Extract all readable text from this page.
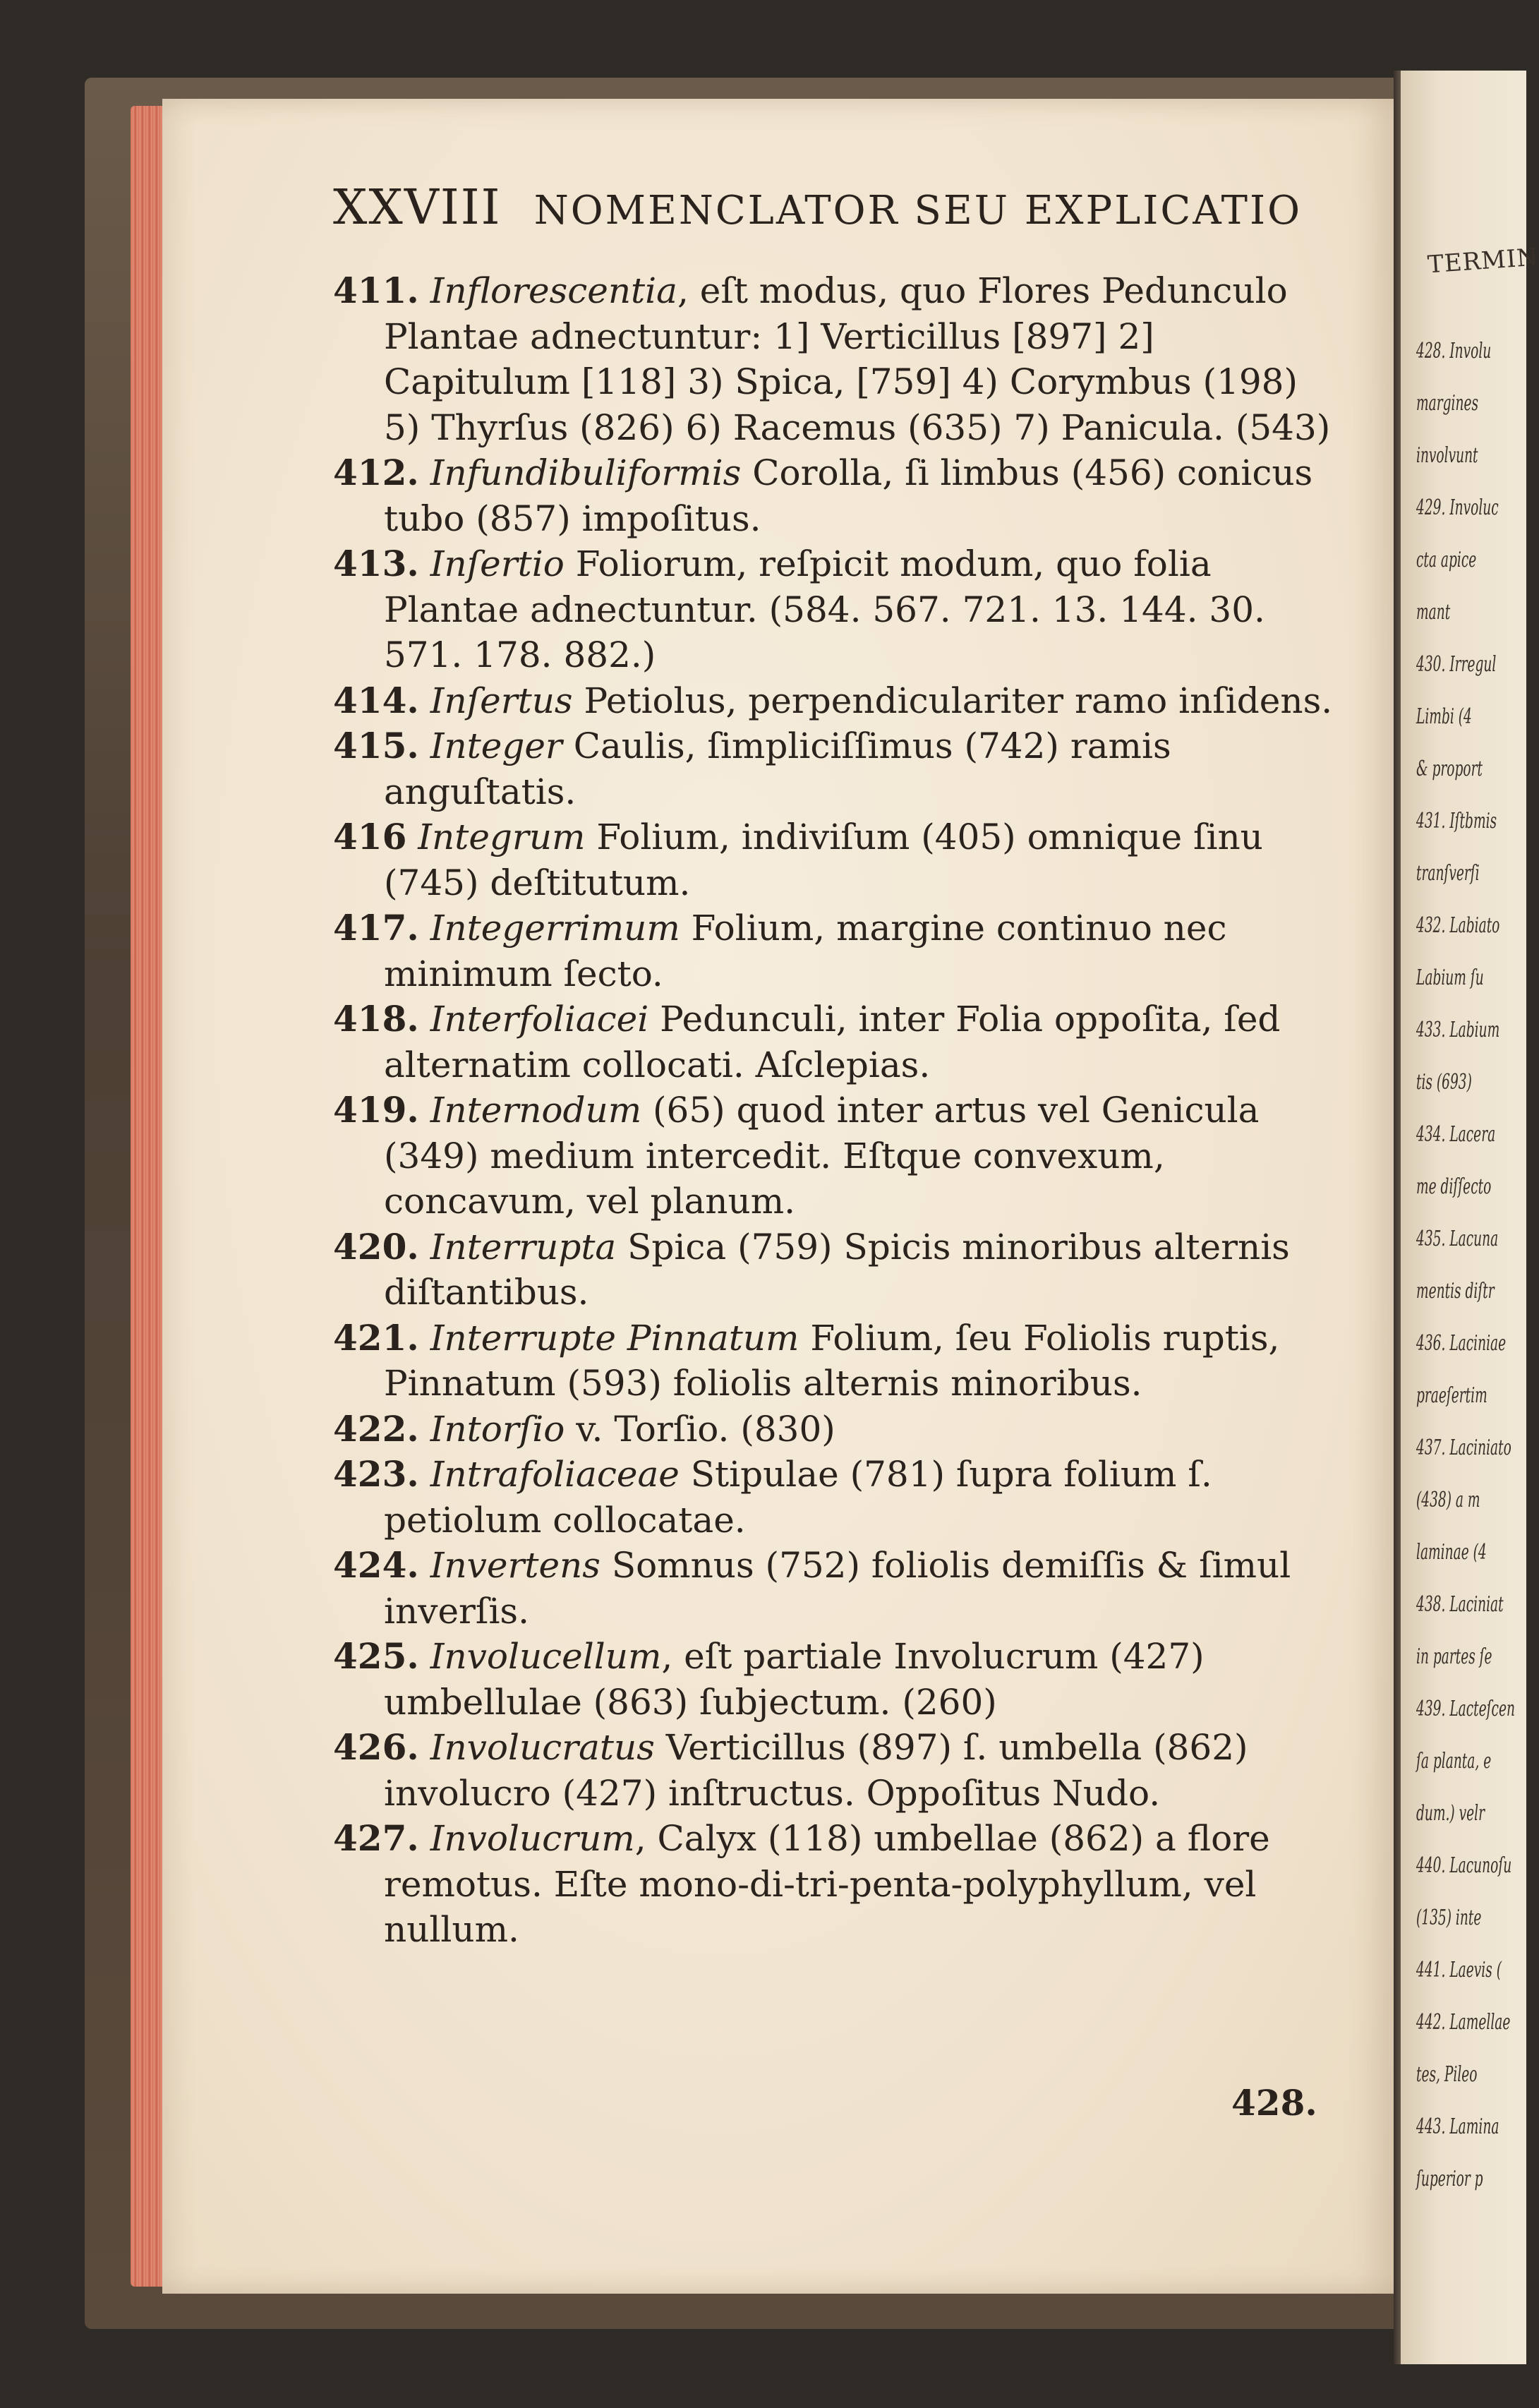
XXVIII NOMENCLATOR SEU EXPLICATIO

411. Inflorescentia, eſt modus, quo Flores Pedunculo Plantae adnectuntur: 1] Verticillus [897] 2] Capitulum [118] 3) Spica, [759] 4) Corymbus (198) 5) Thyrſus (826) 6) Racemus (635) 7) Panicula. (543)

412. Infundibuliformis Corolla, ſi limbus (456) conicus tubo (857) impoſitus.

413. Inſertio Foliorum, reſpicit modum, quo folia Plantae adnectuntur. (584. 567. 721. 13. 144. 30. 571. 178. 882.)

414. Inſertus Petiolus, perpendiculariter ramo inſidens.

415. Integer Caulis, ſimpliciſſimus (742) ramis anguſtatis.

416 Integrum Folium, indiviſum (405) omnique ſinu (745) deſtitutum.

417. Integerrimum Folium, margine continuo nec minimum ſecto.

418. Interfoliacei Pedunculi, inter Folia oppoſita, ſed alternatim collocati. Aſclepias.

419. Internodum (65) quod inter artus vel Genicula (349) medium intercedit. Eſtque convexum, concavum, vel planum.

420. Interrupta Spica (759) Spicis minoribus alternis diſtantibus.

421. Interrupte Pinnatum Folium, ſeu Foliolis ruptis, Pinnatum (593) foliolis alternis minoribus.

422. Intorſio v. Torſio. (830)

423. Intrafoliaceae Stipulae (781) ſupra folium ſ. petiolum collocatae.

424. Invertens Somnus (752) foliolis demiſſis & ſimul inverſis.

425. Involucellum, eſt partiale Involucrum (427) umbellulae (863) ſubjectum. (260)

426. Involucratus Verticillus (897) ſ. umbella (862) involucro (427) inſtructus. Oppoſitus Nudo.

427. Involucrum, Calyx (118) umbellae (862) a flore remotus. Eſte mono-di-tri-penta-polyphyllum, vel nullum.

428.
TERMIN
428. Involu
margines
involvunt
429. Involuc
cta apice
mant
430. Irregul
Limbi (4
& proport
431. Iſtbmis
tranſverſi
432. Labiato
Labium ſu
433. Labium
tis (693)
434. Lacera
me diſſecto
435. Lacuna
mentis diſtr
436. Laciniae
praeſertim
437. Laciniato
(438) a m
laminae (4
438. Laciniat
in partes ſe
439. Lacteſcen
ſa planta, e
dum.) velr
440. Lacunoſu
(135) inte
441. Laevis (
442. Lamellae
tes, Pileo
443. Lamina
ſuperior p
